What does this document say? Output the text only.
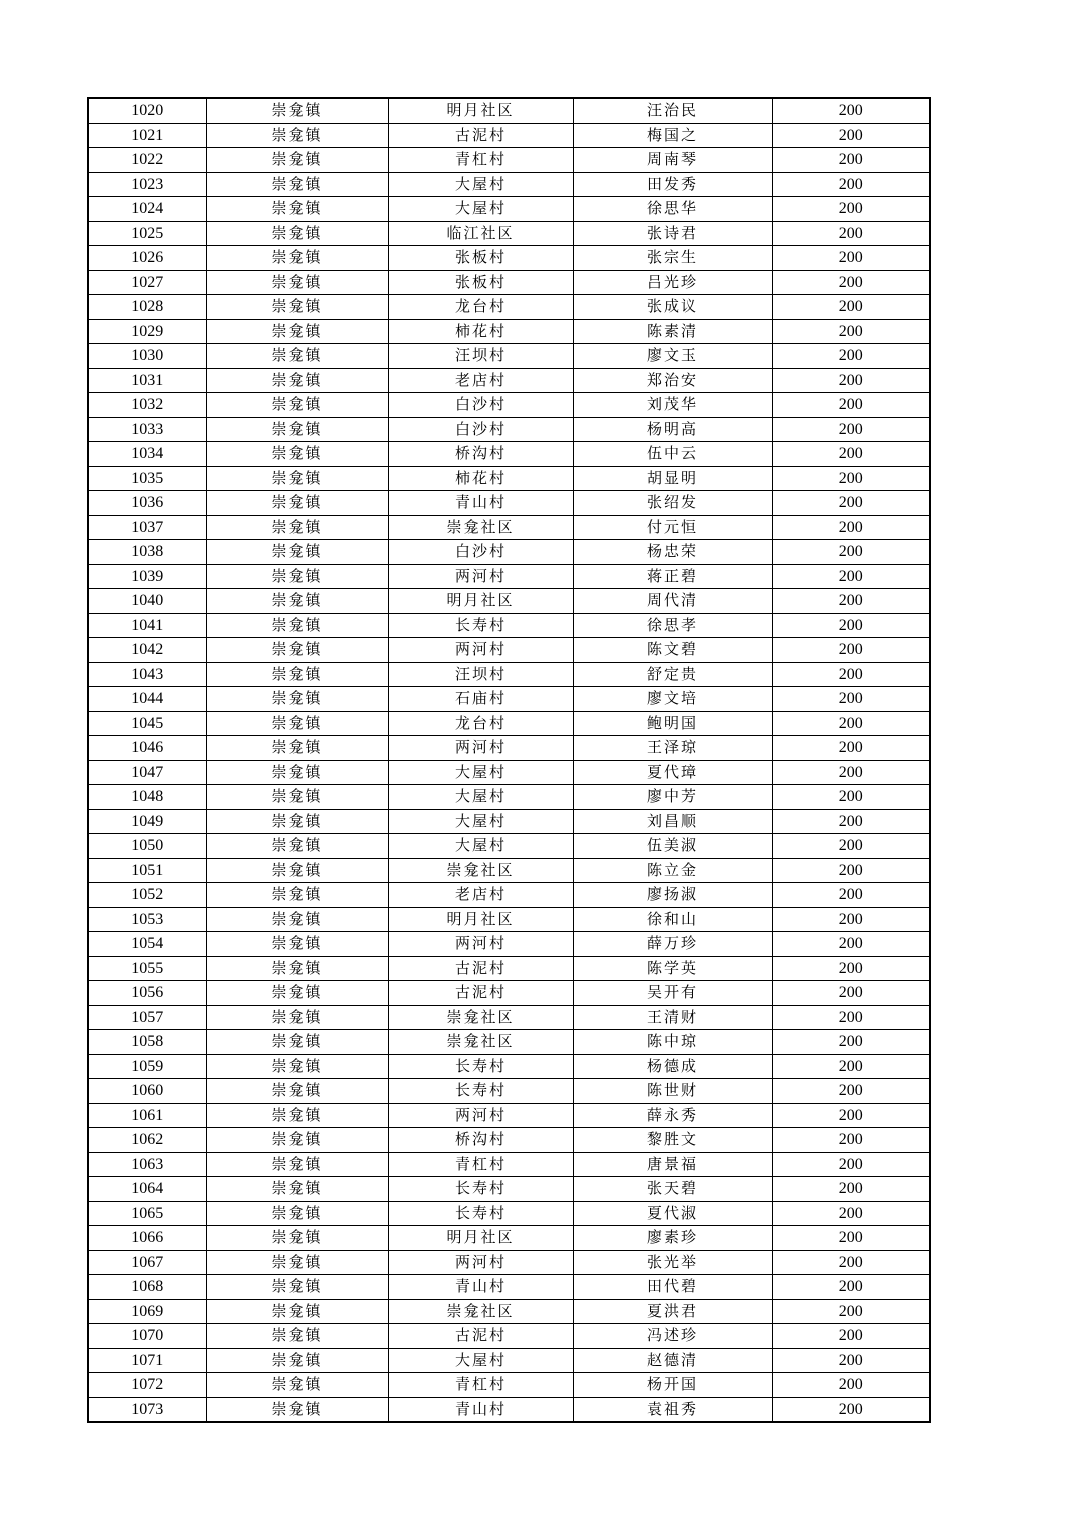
1020	崇龛镇	明月社区	汪治民	200
1021	崇龛镇	古泥村	梅国之	200
1022	崇龛镇	青杠村	周南琴	200
1023	崇龛镇	大屋村	田发秀	200
1024	崇龛镇	大屋村	徐思华	200
1025	崇龛镇	临江社区	张诗君	200
1026	崇龛镇	张板村	张宗生	200
1027	崇龛镇	张板村	吕光珍	200
1028	崇龛镇	龙台村	张成议	200
1029	崇龛镇	柿花村	陈素清	200
1030	崇龛镇	汪坝村	廖文玉	200
1031	崇龛镇	老店村	郑治安	200
1032	崇龛镇	白沙村	刘茂华	200
1033	崇龛镇	白沙村	杨明高	200
1034	崇龛镇	桥沟村	伍中云	200
1035	崇龛镇	柿花村	胡显明	200
1036	崇龛镇	青山村	张绍发	200
1037	崇龛镇	崇龛社区	付元恒	200
1038	崇龛镇	白沙村	杨忠荣	200
1039	崇龛镇	两河村	蒋正碧	200
1040	崇龛镇	明月社区	周代清	200
1041	崇龛镇	长寿村	徐思孝	200
1042	崇龛镇	两河村	陈文碧	200
1043	崇龛镇	汪坝村	舒定贵	200
1044	崇龛镇	石庙村	廖文培	200
1045	崇龛镇	龙台村	鲍明国	200
1046	崇龛镇	两河村	王泽琼	200
1047	崇龛镇	大屋村	夏代璋	200
1048	崇龛镇	大屋村	廖中芳	200
1049	崇龛镇	大屋村	刘昌顺	200
1050	崇龛镇	大屋村	伍美淑	200
1051	崇龛镇	崇龛社区	陈立金	200
1052	崇龛镇	老店村	廖扬淑	200
1053	崇龛镇	明月社区	徐和山	200
1054	崇龛镇	两河村	薛万珍	200
1055	崇龛镇	古泥村	陈学英	200
1056	崇龛镇	古泥村	吴开有	200
1057	崇龛镇	崇龛社区	王清财	200
1058	崇龛镇	崇龛社区	陈中琼	200
1059	崇龛镇	长寿村	杨德成	200
1060	崇龛镇	长寿村	陈世财	200
1061	崇龛镇	两河村	薛永秀	200
1062	崇龛镇	桥沟村	黎胜文	200
1063	崇龛镇	青杠村	唐景福	200
1064	崇龛镇	长寿村	张天碧	200
1065	崇龛镇	长寿村	夏代淑	200
1066	崇龛镇	明月社区	廖素珍	200
1067	崇龛镇	两河村	张光举	200
1068	崇龛镇	青山村	田代碧	200
1069	崇龛镇	崇龛社区	夏洪君	200
1070	崇龛镇	古泥村	冯述珍	200
1071	崇龛镇	大屋村	赵德清	200
1072	崇龛镇	青杠村	杨开国	200
1073	崇龛镇	青山村	袁祖秀	200
